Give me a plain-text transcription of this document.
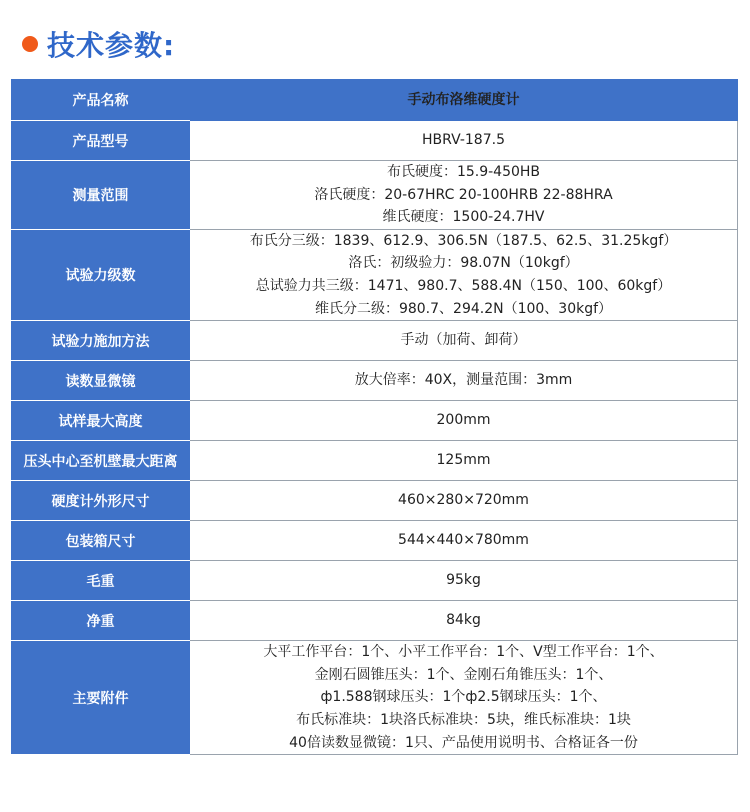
技术参数:
产品名称	手动布洛维硬度计
产品型号	HBRV-187.5

测量范围	布氏硬度：15.9-450HB
洛氏硬度：20-67HRC 20-100HRB 22-88HRA
维氏硬度：1500-24.7HV

试验力级数	布氏分三级：1839、612.9、306.5N（187.5、62.5、31.25kgf）
洛氏：初级验力：98.07N（10kgf）
总试验力共三级：1471、980.7、588.4N（150、100、60kgf）
维氏分二级：980.7、294.2N（100、30kgf）

试验力施加方法	手动（加荷、卸荷）

读数显微镜	放大倍率：40X，测量范围：3mm

试样最大高度	200mm

压头中心至机壁最大距离	125mm

硬度计外形尺寸	460×280×720mm

包装箱尺寸	544×440×780mm

毛重	95kg

净重	84kg

主要附件	大平工作平台：1个、小平工作平台：1个、V型工作平台：1个、
金刚石圆锥压头：1个、金刚石角锥压头：1个、
ф1.588钢球压头：1个ф2.5钢球压头：1个、
布氏标准块：1块洛氏标准块：5块，维氏标准块：1块
40倍读数显微镜：1只、产品使用说明书、合格证各一份
